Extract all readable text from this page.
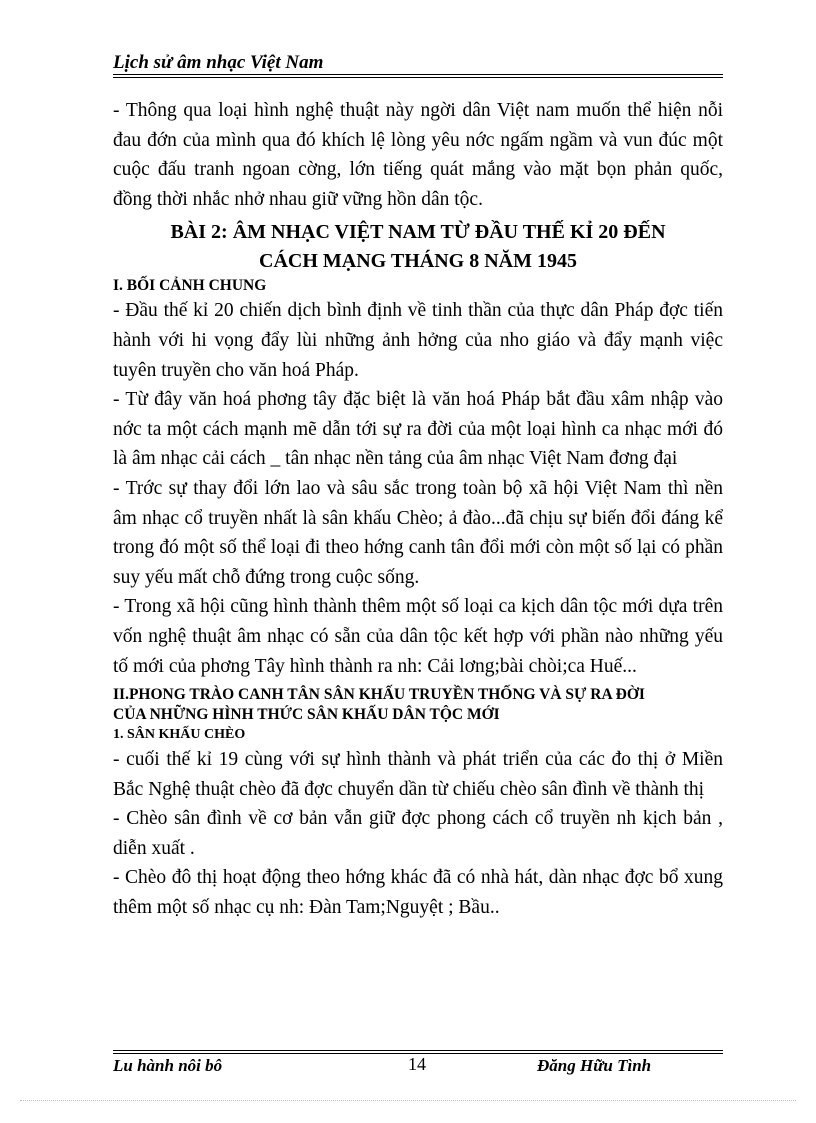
Lịch sử âm nhạc Việt Nam

- Thông qua loại hình nghệ thuật này ngời dân Việt nam muốn thể hiện nỗi đau đớn của mình qua đó khích lệ lòng yêu nớc ngấm ngầm và vun đúc một cuộc đấu tranh ngoan cờng, lớn tiếng quát mắng vào mặt bọn phản quốc, đồng thời nhắc nhở nhau giữ vững hồn dân tộc.

BÀI 2: ÂM NHẠC VIỆT NAM TỪ ĐẦU THẾ KỈ 20 ĐẾN

CÁCH MẠNG THÁNG 8 NĂM 1945

I. BỐI CẢNH CHUNG

- Đầu thế kỉ 20 chiến dịch bình định về tinh thần của thực dân Pháp đợc tiến hành với hi vọng đẩy lùi những ảnh hởng của nho giáo và đẩy mạnh việc tuyên truyền cho văn hoá Pháp.

- Từ đây văn hoá phơng tây đặc biệt là văn hoá Pháp bắt đầu xâm nhập vào nớc ta một cách mạnh mẽ dẫn tới sự ra đời của một loại hình ca nhạc mới đó là âm nhạc cải cách _ tân nhạc nền tảng của âm nhạc Việt Nam đơng đại

- Trớc sự thay đổi lớn lao và sâu sắc trong toàn bộ xã hội Việt Nam thì nền âm nhạc cổ truyền nhất là sân khấu Chèo; ả đào...đã chịu sự biến đổi đáng kể trong đó một số thể loại đi theo hớng canh tân đổi mới còn một số lại có phần suy yếu mất chỗ đứng trong cuộc sống.

- Trong xã hội cũng hình thành thêm một số loại ca kịch dân tộc mới dựa trên vốn nghệ thuật âm nhạc có sẵn của dân tộc kết hợp với phần nào những yếu tố mới của phơng Tây hình thành ra nh: Cải lơng;bài chòi;ca Huế...

II.PHONG TRÀO CANH TÂN SÂN KHẤU TRUYỀN THỐNG VÀ SỰ RA ĐỜI

CỦA NHỮNG HÌNH THỨC SÂN KHẤU DÂN TỘC MỚI

1. SÂN KHẤU CHÈO

- cuối thế kỉ 19 cùng với sự hình thành và phát triển của các đo thị ở Miền Bắc Nghệ thuật chèo đã đợc chuyển dần từ chiếu chèo sân đình về thành thị

- Chèo sân đình về cơ bản vẫn giữ đợc phong cách cổ truyền nh kịch bản , diễn xuất .

- Chèo đô thị hoạt động theo hớng khác đã có nhà hát, dàn nhạc đợc bổ xung thêm một số nhạc cụ nh: Đàn Tam;Nguyệt ; Bầu..

Lu hành nôi bô	14	Đăng Hữu Tình
